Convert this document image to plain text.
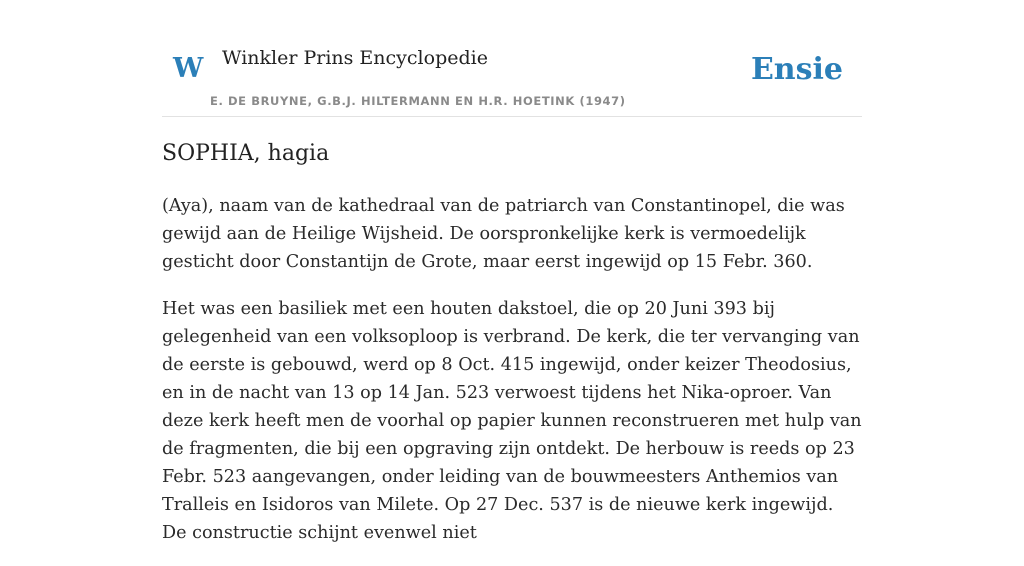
W Winkler Prins Encyclopedie
E. DE BRUYNE, G.B.J. HILTERMANN EN H.R. HOETINK (1947)
Ensie
SOPHIA, hagia

(Aya), naam van de kathedraal van de patriarch van Constantinopel, die was gewijd aan de Heilige Wijsheid. De oorspronkelijke kerk is vermoedelijk gesticht door Constantijn de Grote, maar eerst ingewijd op 15 Febr. 360.

Het was een basiliek met een houten dakstoel, die op 20 Juni 393 bij gelegenheid van een volksoploop is verbrand. De kerk, die ter vervanging van de eerste is gebouwd, werd op 8 Oct. 415 ingewijd, onder keizer Theodosius, en in de nacht van 13 op 14 Jan. 523 verwoest tijdens het Nika-oproer. Van deze kerk heeft men de voorhal op papier kunnen reconstrueren met hulp van de fragmenten, die bij een opgraving zijn ontdekt. De herbouw is reeds op 23 Febr. 523 aangevangen, onder leiding van de bouwmeesters Anthemios van Tralleis en Isidoros van Milete. Op 27 Dec. 537 is de nieuwe kerk ingewijd. De constructie schijnt evenwel niet
